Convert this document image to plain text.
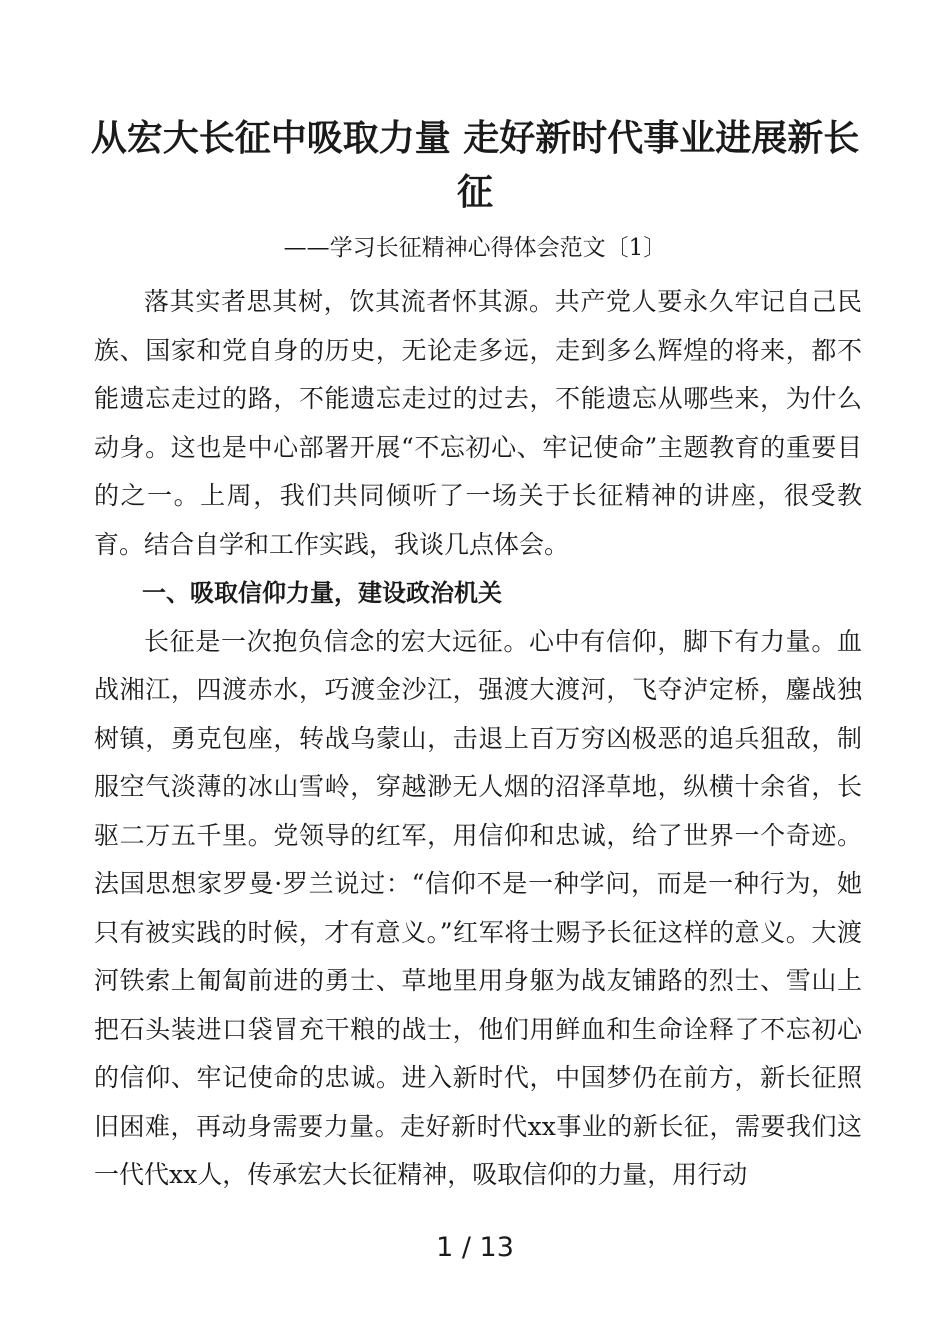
从宏大长征中吸取力量 走好新时代事业进展新长征
——学习长征精神心得体会范文〔1〕

落其实者思其树，饮其流者怀其源。共产党人要永久牢记自己民族、国家和党自身的历史，无论走多远，走到多么辉煌的将来，都不能遗忘走过的路，不能遗忘走过的过去，不能遗忘从哪些来，为什么动身。这也是中心部署开展“不忘初心、牢记使命”主题教育的重要目的之一。上周，我们共同倾听了一场关于长征精神的讲座，很受教育。结合自学和工作实践，我谈几点体会。

一、吸取信仰力量，建设政治机关

长征是一次抱负信念的宏大远征。心中有信仰，脚下有力量。血战湘江，四渡赤水，巧渡金沙江，强渡大渡河，飞夺泸定桥，鏖战独树镇，勇克包座，转战乌蒙山，击退上百万穷凶极恶的追兵狙敌，制服空气淡薄的冰山雪岭，穿越渺无人烟的沼泽草地，纵横十余省，长驱二万五千里。党领导的红军，用信仰和忠诚，给了世界一个奇迹。法国思想家罗曼·罗兰说过：“信仰不是一种学问，而是一种行为，她只有被实践的时候，才有意义。”红军将士赐予长征这样的意义。大渡河铁索上匍匐前进的勇士、草地里用身躯为战友铺路的烈士、雪山上把石头装进口袋冒充干粮的战士，他们用鲜血和生命诠释了不忘初心的信仰、牢记使命的忠诚。进入新时代，中国梦仍在前方，新长征照旧困难，再动身需要力量。走好新时代xx事业的新长征，需要我们这一代代xx人，传承宏大长征精神，吸取信仰的力量，用行动

1 / 13
